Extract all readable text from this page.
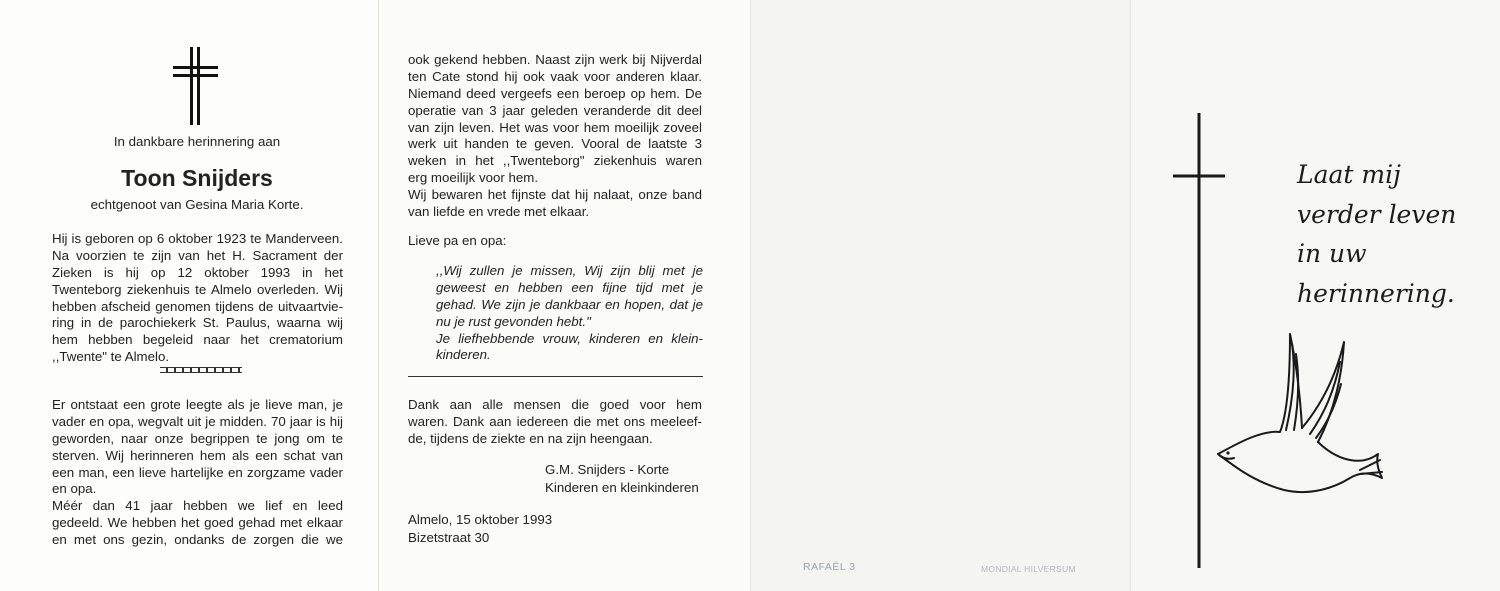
In dankbare herinnering aan
Toon Snijders
echtgenoot van Gesina Maria Korte.
Hij is geboren op 6 oktober 1923 te Manderveen.
Na voorzien te zijn van het H. Sacrament der
Zieken is hij op 12 oktober 1993 in het
Twenteborg ziekenhuis te Almelo overleden. Wij
hebben afscheid genomen tijdens de uitvaartvie-
ring in de parochiekerk St. Paulus, waarna wij
hem hebben begeleid naar het crematorium
,,Twente" te Almelo.
Er ontstaat een grote leegte als je lieve man, je
vader en opa, wegvalt uit je midden. 70 jaar is hij
geworden, naar onze begrippen te jong om te
sterven. Wij herinneren hem als een schat van
een man, een lieve hartelijke en zorgzame vader
en opa.
Méér dan 41 jaar hebben we lief en leed
gedeeld. We hebben het goed gehad met elkaar
en met ons gezin, ondanks de zorgen die we
ook gekend hebben. Naast zijn werk bij Nijverdal
ten Cate stond hij ook vaak voor anderen klaar.
Niemand deed vergeefs een beroep op hem. De
operatie van 3 jaar geleden veranderde dit deel
van zijn leven. Het was voor hem moeilijk zoveel
werk uit handen te geven. Vooral de laatste 3
weken in het ,,Twenteborg" ziekenhuis waren
erg moeilijk voor hem.
Wij bewaren het fijnste dat hij nalaat, onze band
van liefde en vrede met elkaar.
Lieve pa en opa:
,,Wij zullen je missen, Wij zijn blij met je
geweest en hebben een fijne tijd met je
gehad. We zijn je dankbaar en hopen, dat je
nu je rust gevonden hebt."
Je liefhebbende vrouw, kinderen en klein-
kinderen.
Dank aan alle mensen die goed voor hem
waren. Dank aan iedereen die met ons meeleef-
de, tijdens de ziekte en na zijn heengaan.
G.M. Snijders - Korte
Kinderen en kleinkinderen
Almelo, 15 oktober 1993
Bizetstraat 30
RAFAËL 3	MONDIAL HILVERSUM
Laat mij
verder leven
in uw
herinnering.
